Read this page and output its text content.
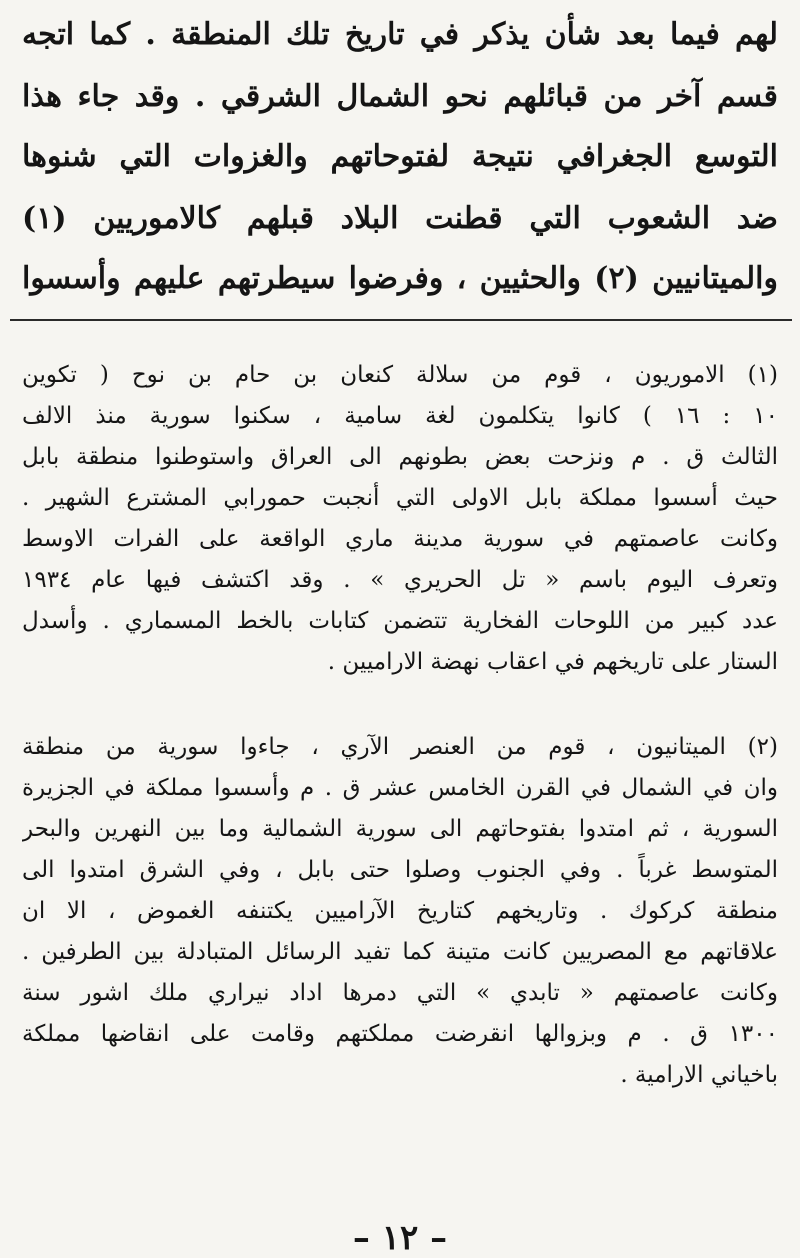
لهم فيما بعد شأن يذكر في تاريخ تلك المنطقة . كما اتجه
قسم آخر من قبائلهم نحو الشمال الشرقي . وقد جاء هذا
التوسع الجغرافي نتيجة لفتوحاتهم والغزوات التي شنوها
ضد الشعوب التي قطنت البلاد قبلهم كالاموريين (١)
والميتانيين (٢) والحثيين ، وفرضوا سيطرتهم عليهم وأسسوا
(١) الاموريون ، قوم من سلالة كنعان بن حام بن نوح ( تكوين
١٠ : ١٦ ) كانوا يتكلمون لغة سامية ، سكنوا سورية منذ الالف
الثالث ق . م ونزحت بعض بطونهم الى العراق واستوطنوا منطقة بابل
حيث أسسوا مملكة بابل الاولى التي أنجبت حمورابي المشترع الشهير .
وكانت عاصمتهم في سورية مدينة ماري الواقعة على الفرات الاوسط
وتعرف اليوم باسم « تل الحريري » . وقد اكتشف فيها عام ١٩٣٤
عدد كبير من اللوحات الفخارية تتضمن كتابات بالخط المسماري . وأسدل
الستار على تاريخهم في اعقاب نهضة الاراميين .
(٢) الميتانيون ، قوم من العنصر الآري ، جاءوا سورية من منطقة
وان في الشمال في القرن الخامس عشر ق . م وأسسوا مملكة في الجزيرة
السورية ، ثم امتدوا بفتوحاتهم الى سورية الشمالية وما بين النهرين والبحر
المتوسط غرباً . وفي الجنوب وصلوا حتى بابل ، وفي الشرق امتدوا الى
منطقة كركوك . وتاريخهم كتاريخ الآراميين يكتنفه الغموض ، الا ان
علاقاتهم مع المصريين كانت متينة كما تفيد الرسائل المتبادلة بين الطرفين .
وكانت عاصمتهم « تابدي » التي دمرها اداد نيراري ملك اشور سنة
١٣٠٠ ق . م وبزوالها انقرضت مملكتهم وقامت على انقاضها مملكة
باخياني الارامية .
– ١٢ –
